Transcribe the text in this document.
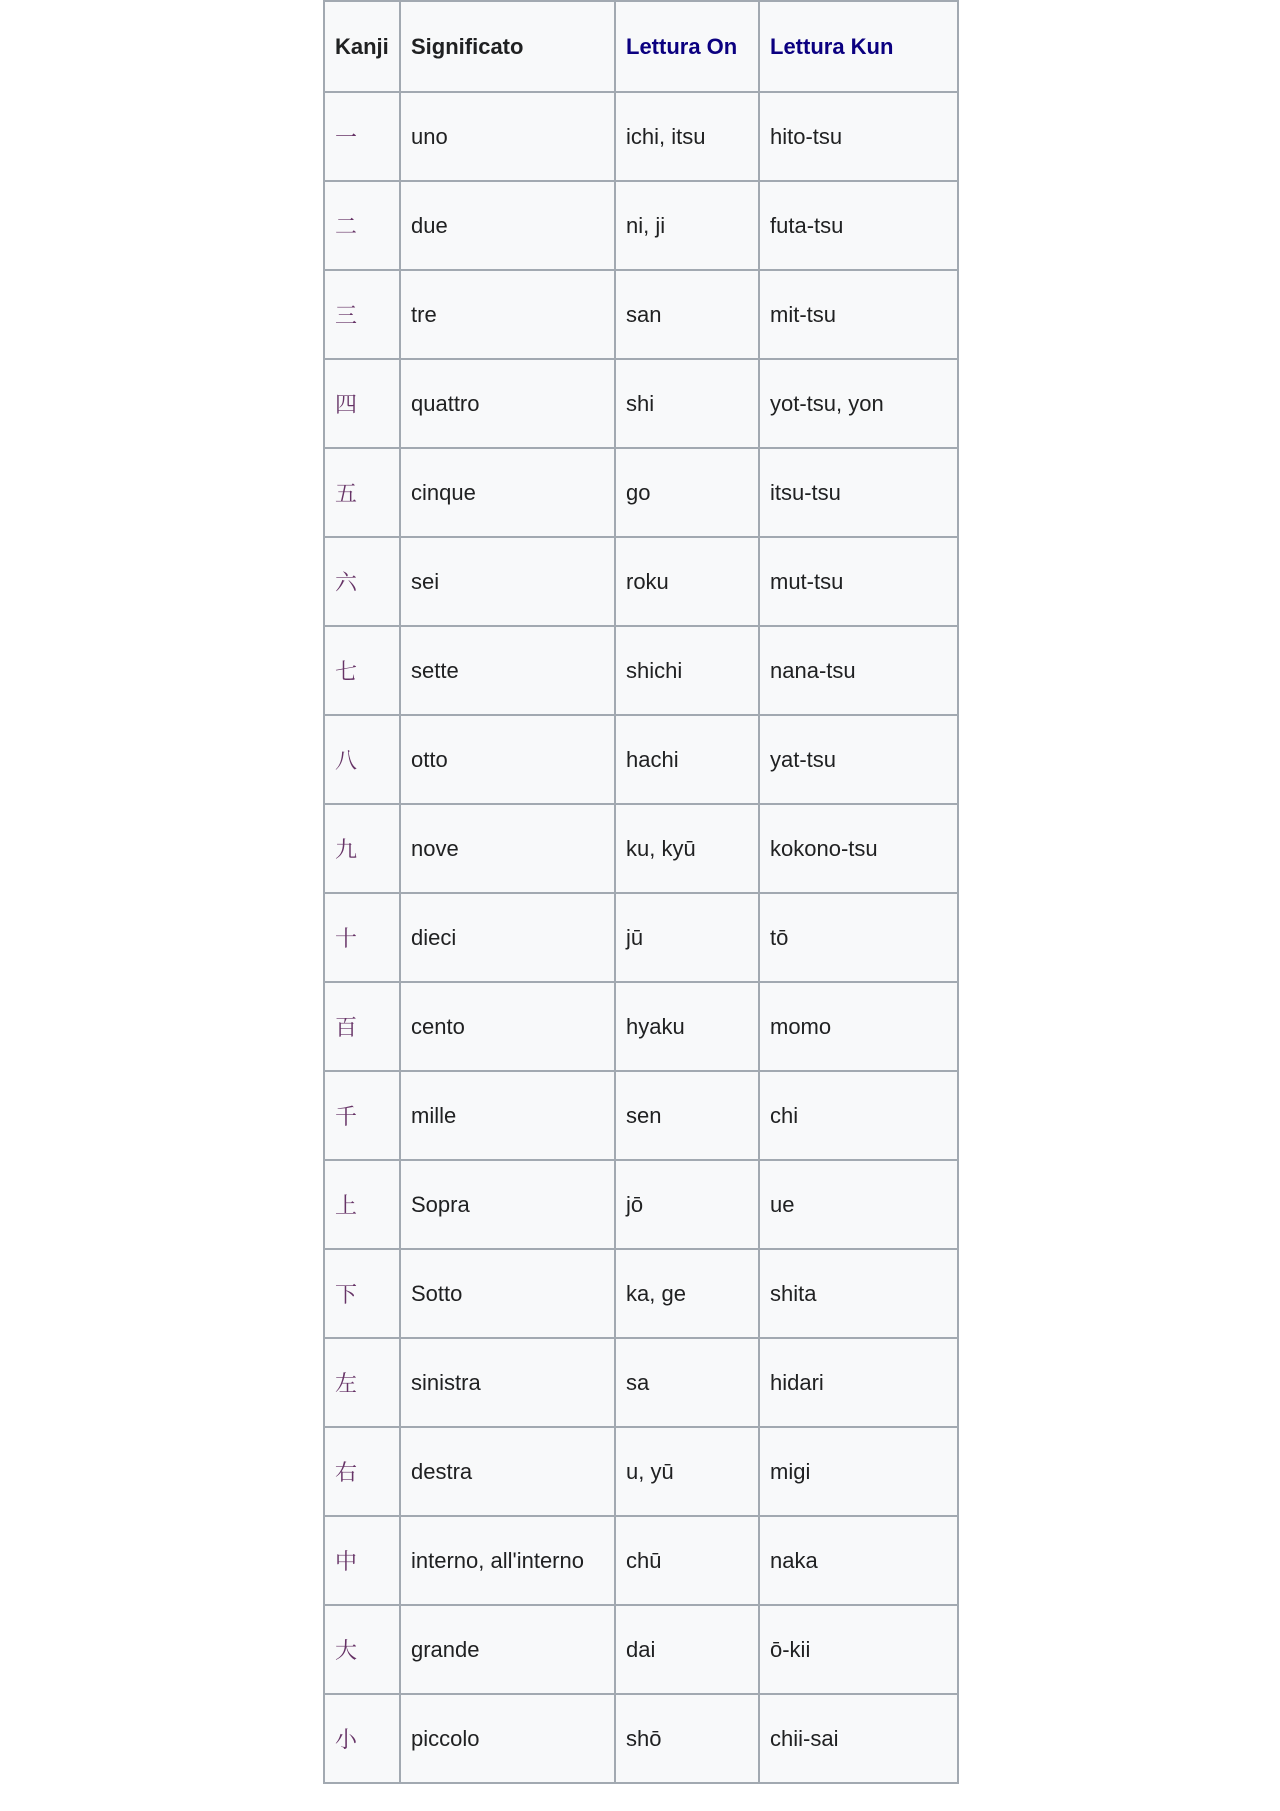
Kanji	Significato	Lettura On	Lettura Kun
一	uno	ichi, itsu	hito-tsu
二	due	ni, ji	futa-tsu
三	tre	san	mit-tsu
四	quattro	shi	yot-tsu, yon
五	cinque	go	itsu-tsu
六	sei	roku	mut-tsu
七	sette	shichi	nana-tsu
八	otto	hachi	yat-tsu
九	nove	ku, kyū	kokono-tsu
十	dieci	jū	tō
百	cento	hyaku	momo
千	mille	sen	chi
上	Sopra	jō	ue
下	Sotto	ka, ge	shita
左	sinistra	sa	hidari
右	destra	u, yū	migi
中	interno, all'interno	chū	naka
大	grande	dai	ō-kii
小	piccolo	shō	chii-sai
